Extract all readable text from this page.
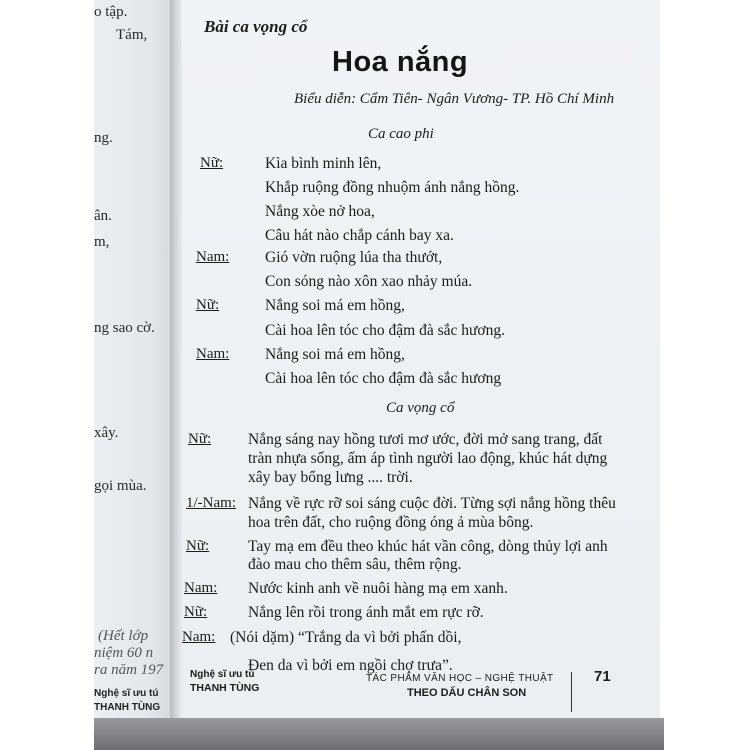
o tập.
Tám,
ng.
ân.
m,
ng sao cờ.
xây.
gọi mùa.
(Hết lớp
niệm 60 n
ra năm 197
Nghệ sĩ ưu tú
THANH TÙNG
Bài ca vọng cổ
Hoa nắng
Biểu diễn: Cẩm Tiên- Ngân Vương- TP. Hồ Chí Minh
Ca cao phi
Nữ:	Kìa bình minh lên,
Khắp ruộng đồng nhuộm ánh nắng hồng.
Nắng xòe nở hoa,
Câu hát nào chắp cánh bay xa.
Nam: Gió vờn ruộng lúa tha thướt,
Con sóng nào xôn xao nhảy múa.
Nữ:	Nắng soi má em hồng,
Cài hoa lên tóc cho đậm đà sắc hương.
Nam: Nắng soi má em hồng,
Cài hoa lên tóc cho đậm đà sắc hương
Ca vọng cổ
Nữ: Nắng sáng nay hồng tươi mơ ước, đời mở sang trang, đất
tràn nhựa sống, ấm áp tình người lao động, khúc hát dựng
xây bay bổng lưng .... trời.
1/-Nam: Nắng về rực rỡ soi sáng cuộc đời. Từng sợi nắng hồng thêu
hoa trên đất, cho ruộng đồng óng ả mùa bông.
Nữ:	Tay mạ em đều theo khúc hát vần công, dòng thủy lợi anh
đào mau cho thêm sâu, thêm rộng.
Nam: Nước kinh anh về nuôi hàng mạ em xanh.
Nữ:	Nắng lên rồi trong ánh mắt em rực rỡ.
Nam: (Nói dặm) “Trắng da vì bởi phấn dồi,
Đen da vì bởi em ngồi chợ trưa”.
Nghệ sĩ ưu tú
THANH TÙNG
TÁC PHẨM VĂN HỌC – NGHỆ THUẬT
THEO DẤU CHÂN SON
71
